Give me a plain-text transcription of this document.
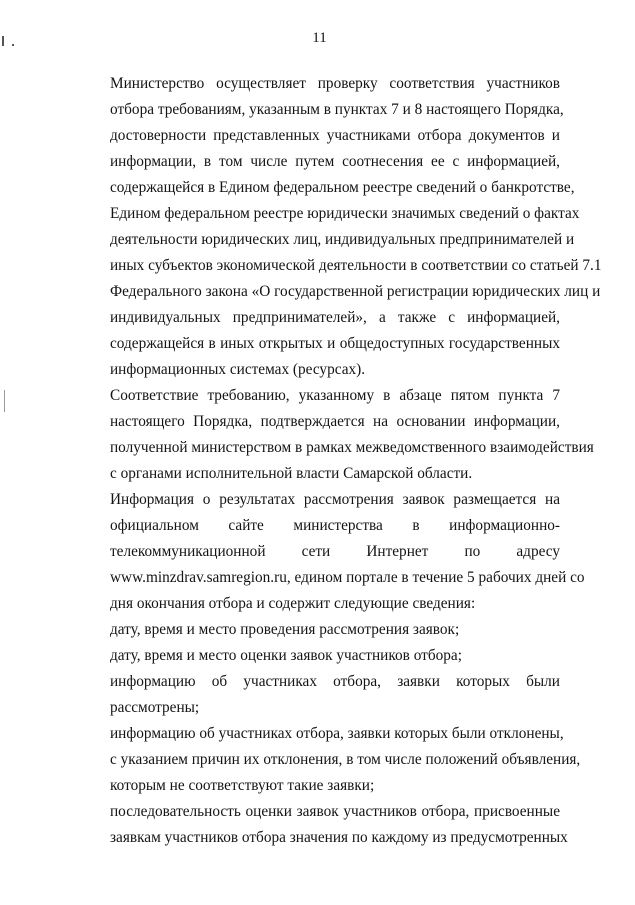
11

Министерство осуществляет проверку соответствия участников
отбора требованиям, указанным в пунктах 7 и 8 настоящего Порядка,
достоверности представленных участниками отбора документов и
информации, в том числе путем соотнесения ее с информацией,
содержащейся в Едином федеральном реестре сведений о банкротстве,
Едином федеральном реестре юридически значимых сведений о фактах
деятельности юридических лиц, индивидуальных предпринимателей и
иных субъектов экономической деятельности в соответствии со статьей 7.1
Федерального закона «О государственной регистрации юридических лиц и
индивидуальных предпринимателей», а также с информацией,
содержащейся в иных открытых и общедоступных государственных
информационных системах (ресурсах).

Соответствие требованию, указанному в абзаце пятом пункта 7
настоящего Порядка, подтверждается на основании информации,
полученной министерством в рамках межведомственного взаимодействия
с органами исполнительной власти Самарской области.

Информация о результатах рассмотрения заявок размещается на
официальном сайте министерства в информационно-
телекоммуникационной сети Интернет по адресу
www.minzdrav.samregion.ru, едином портале в течение 5 рабочих дней со
дня окончания отбора и содержит следующие сведения:

дату, время и место проведения рассмотрения заявок;

дату, время и место оценки заявок участников отбора;

информацию об участниках отбора, заявки которых были
рассмотрены;

информацию об участниках отбора, заявки которых были отклонены,
с указанием причин их отклонения, в том числе положений объявления,
которым не соответствуют такие заявки;

последовательность оценки заявок участников отбора, присвоенные
заявкам участников отбора значения по каждому из предусмотренных
